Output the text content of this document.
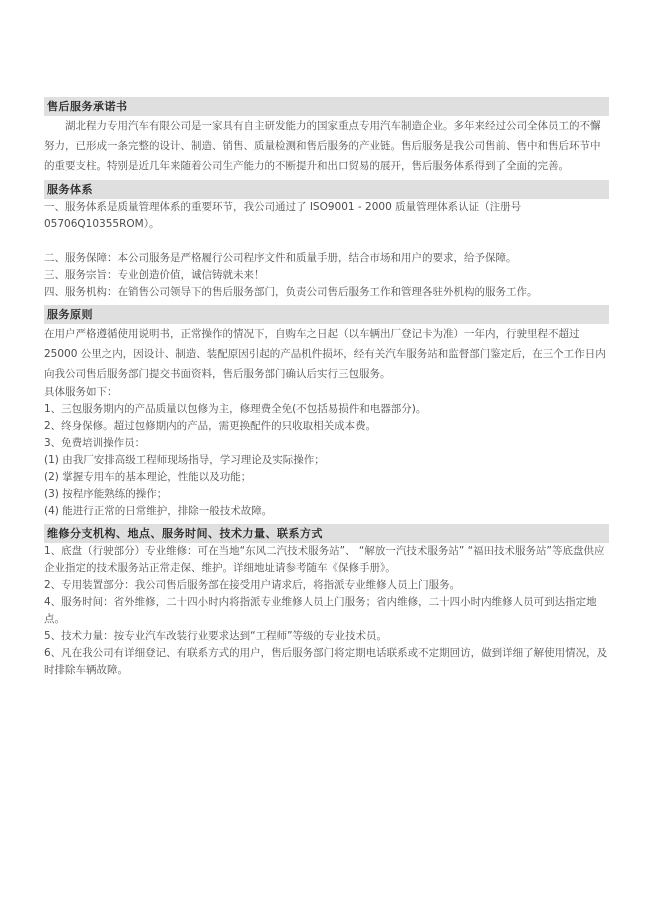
售后服务承诺书

湖北程力专用汽车有限公司是一家具有自主研发能力的国家重点专用汽车制造企业。多年来经过公司全体员工的不懈努力，已形成一条完整的设计、制造、销售、质量检测和售后服务的产业链。售后服务是我公司售前、售中和售后环节中的重要支柱。特别是近几年来随着公司生产能力的不断提升和出口贸易的展开，售后服务体系得到了全面的完善。

服务体系
一、服务体系是质量管理体系的重要环节，我公司通过了 ISO9001 - 2000 质量管理体系认证（注册号 05706Q10355ROM）。
二、服务保障：本公司服务是严格履行公司程序文件和质量手册，结合市场和用户的要求，给予保障。
三、服务宗旨：专业创造价值，诚信铸就未来！
四、服务机构：在销售公司领导下的售后服务部门，负责公司售后服务工作和管理各驻外机构的服务工作。
服务原则

在用户严格遵循使用说明书，正常操作的情况下，自购车之日起（以车辆出厂登记卡为准）一年内，行驶里程不超过 25000 公里之内，因设计、制造、装配原因引起的产品机件损坏，经有关汽车服务站和监督部门鉴定后，在三个工作日内向我公司售后服务部门提交书面资料，售后服务部门确认后实行三包服务。

具体服务如下：
1、三包服务期内的产品质量以包修为主，修理费全免(不包括易损件和电器部分)。
2、终身保修。超过包修期内的产品，需更换配件的只收取相关成本费。
3、免费培训操作员：
(1) 由我厂安排高级工程师现场指导，学习理论及实际操作；
(2) 掌握专用车的基本理论，性能以及功能；
(3) 按程序能熟练的操作；
(4) 能进行正常的日常维护，排除一般技术故障。
维修分支机构、地点、服务时间、技术力量、联系方式
1、底盘（行驶部分）专业维修：可在当地“东风二汽技术服务站”、 “解放一汽技术服务站” “福田技术服务站”等底盘供应企业指定的技术服务站正常走保、维护。详细地址请参考随车《保修手册》。
2、专用装置部分：我公司售后服务部在接受用户请求后，将指派专业维修人员上门服务。
4、服务时间：省外维修，二十四小时内将指派专业维修人员上门服务；省内维修，二十四小时内维修人员可到达指定地点。
5、技术力量：按专业汽车改装行业要求达到“工程师”等级的专业技术员。
6、凡在我公司有详细登记、有联系方式的用户，售后服务部门将定期电话联系或不定期回访，做到详细了解使用情况，及时排除车辆故障。
